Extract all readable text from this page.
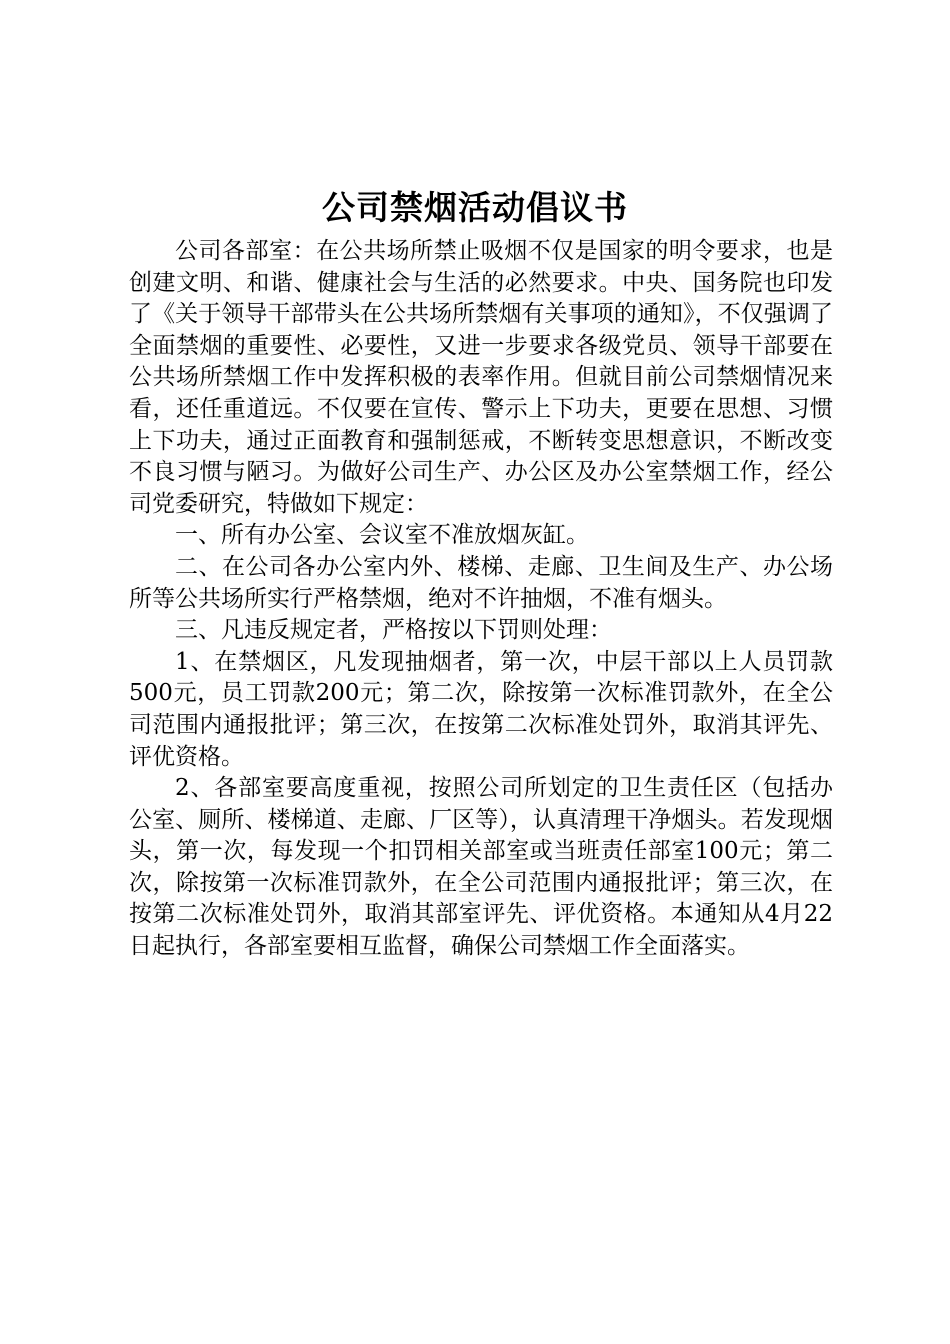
公司禁烟活动倡议书

公司各部室：在公共场所禁止吸烟不仅是国家的明令要求，也是创建文明、和谐、健康社会与生活的必然要求。中央、国务院也印发了《关于领导干部带头在公共场所禁烟有关事项的通知》，不仅强调了全面禁烟的重要性、必要性，又进一步要求各级党员、领导干部要在公共场所禁烟工作中发挥积极的表率作用。但就目前公司禁烟情况来看，还任重道远。不仅要在宣传、警示上下功夫，更要在思想、习惯上下功夫，通过正面教育和强制惩戒，不断转变思想意识，不断改变不良习惯与陋习。为做好公司生产、办公区及办公室禁烟工作，经公司党委研究，特做如下规定：

一、所有办公室、会议室不准放烟灰缸。

二、在公司各办公室内外、楼梯、走廊、卫生间及生产、办公场所等公共场所实行严格禁烟，绝对不许抽烟，不准有烟头。

三、凡违反规定者，严格按以下罚则处理：

1、在禁烟区，凡发现抽烟者，第一次，中层干部以上人员罚款500元，员工罚款200元；第二次，除按第一次标准罚款外，在全公司范围内通报批评；第三次，在按第二次标准处罚外，取消其评先、评优资格。

2、各部室要高度重视，按照公司所划定的卫生责任区（包括办公室、厕所、楼梯道、走廊、厂区等），认真清理干净烟头。若发现烟头，第一次，每发现一个扣罚相关部室或当班责任部室100元；第二次，除按第一次标准罚款外，在全公司范围内通报批评；第三次，在按第二次标准处罚外，取消其部室评先、评优资格。本通知从4月22日起执行，各部室要相互监督，确保公司禁烟工作全面落实。
